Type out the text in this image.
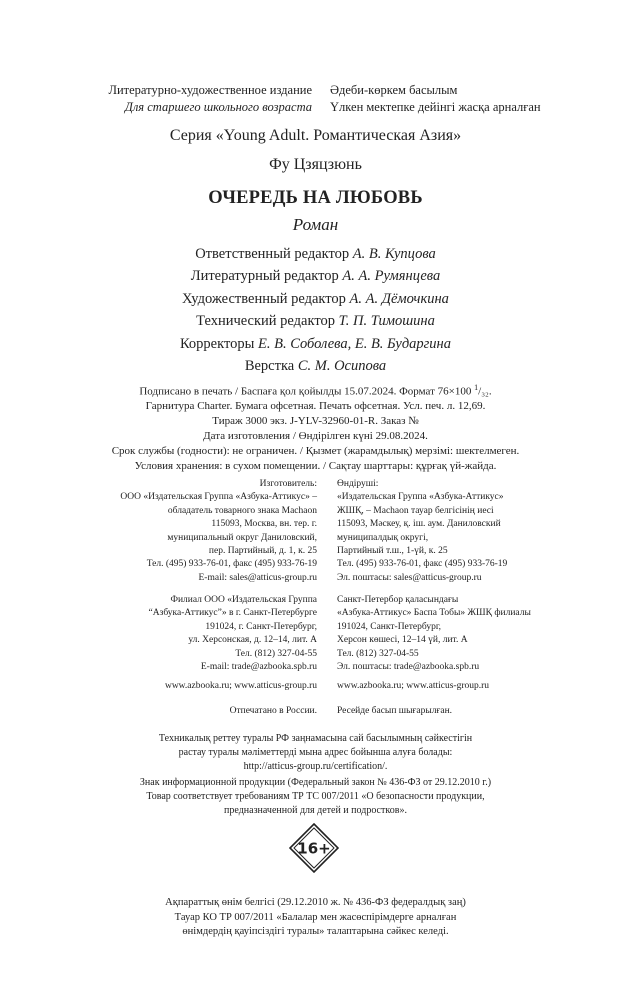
Литературно-художественное издание
Для старшего школьного возраста
Әдеби-көркем басылым
Үлкен мектепке дейінгі жасқа арналған
Серия «Young Adult. Романтическая Азия»
Фу Цзяцзюнь
ОЧЕРЕДЬ НА ЛЮБОВЬ
Роман
Ответственный редактор А. В. Купцова
Литературный редактор А. А. Румянцева
Художественный редактор А. А. Дёмочкина
Технический редактор Т. П. Тимошина
Корректоры Е. В. Соболева, Е. В. Бударгина
Верстка С. М. Осипова
Подписано в печать / Баспаға қол қойылды 15.07.2024. Формат 76×100 $^1$/₃₂.
Гарнитура Charter. Бумага офсетная. Печать офсетная. Усл. печ. л. 12,69.
Тираж 3000 экз. J-YLV-32960-01-R. Заказ №
Дата изготовления / Өндірілген күні 29.08.2024.
Срок службы (годности): не ограничен. / Қызмет (жарамдылық) мерзімі: шектелмеген.
Условия хранения: в сухом помещении. / Сақтау шарттары: құрғақ үй-жайда.
Изготовитель:
ООО «Издательская Группа «Азбука-Аттикус» –
обладатель товарного знака Machaon
115093, Москва, вн. тер. г.
муниципальный округ Даниловский,
пер. Партийный, д. 1, к. 25
Тел. (495) 933-76-01, факс (495) 933-76-19
E-mail: sales@atticus-group.ru
Өндіруші:
«Издательская Группа «Азбука-Аттикус»
ЖШҚ, – Machaon тауар белгісінің иесі
115093, Мәскеу, қ. іш. аум. Даниловский
муниципалдық округі,
Партийный т.ш., 1-үй, к. 25
Тел. (495) 933-76-01, факс (495) 933-76-19
Эл. поштасы: sales@atticus-group.ru
Филиал ООО «Издательская Группа
“Азбука-Аттикус”» в г. Санкт-Петербурге
191024, г. Санкт-Петербург,
ул. Херсонская, д. 12–14, лит. А
Тел. (812) 327-04-55
E-mail: trade@azbooka.spb.ru
Санкт-Петербор қаласындағы
«Азбука-Аттикус» Баспа Тобы» ЖШҚ филиалы
191024, Санкт-Петербург,
Херсон көшесі, 12–14 үй, лит. А
Тел. (812) 327-04-55
Эл. поштасы: trade@azbooka.spb.ru
www.azbooka.ru; www.atticus-group.ru www.azbooka.ru; www.atticus-group.ru
Отпечатано в России. Ресейде басып шығарылған.
Техникалық реттеу туралы РФ заңнамасына сай басылымның сәйкестігін
растау туралы мәліметтерді мына адрес бойынша алуға болады:
http://atticus-group.ru/certification/.
Знак информационной продукции (Федеральный закон № 436-ФЗ от 29.12.2010 г.)
Товар соответствует требованиям ТР ТС 007/2011 «О безопасности продукции,
предназначенной для детей и подростков».
16+
Ақпараттық өнім белгісі (29.12.2010 ж. № 436-ФЗ федералдық заң)
Тауар КО ТР 007/2011 «Балалар мен жасөспірімдерге арналған
өнімдердің қауіпсіздігі туралы» талаптарына сәйкес келеді.
